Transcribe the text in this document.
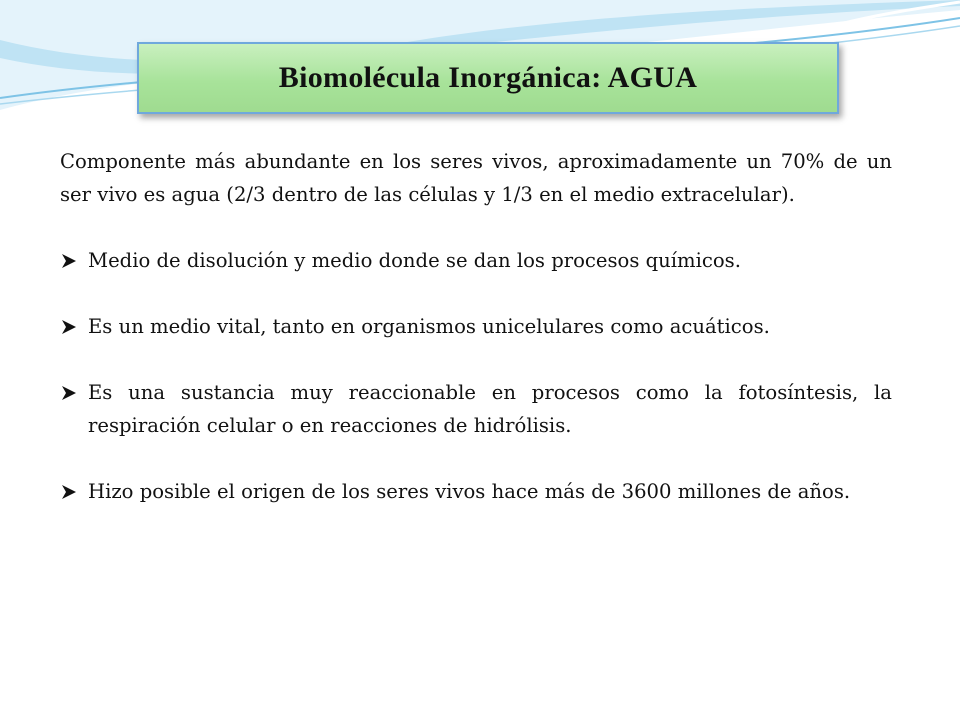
Biomolécula Inorgánica: AGUA

Componente más abundante en los seres vivos, aproximadamente un 70% de un ser vivo es agua (2/3 dentro de las células y 1/3 en el medio extracelular).

Medio de disolución y medio donde se dan los procesos químicos.
Es un medio vital, tanto en organismos unicelulares como acuáticos.
Es una sustancia muy reaccionable en procesos como la fotosíntesis, la respiración celular o en reacciones de hidrólisis.
Hizo posible el origen de los seres vivos hace más de 3600 millones de años.
